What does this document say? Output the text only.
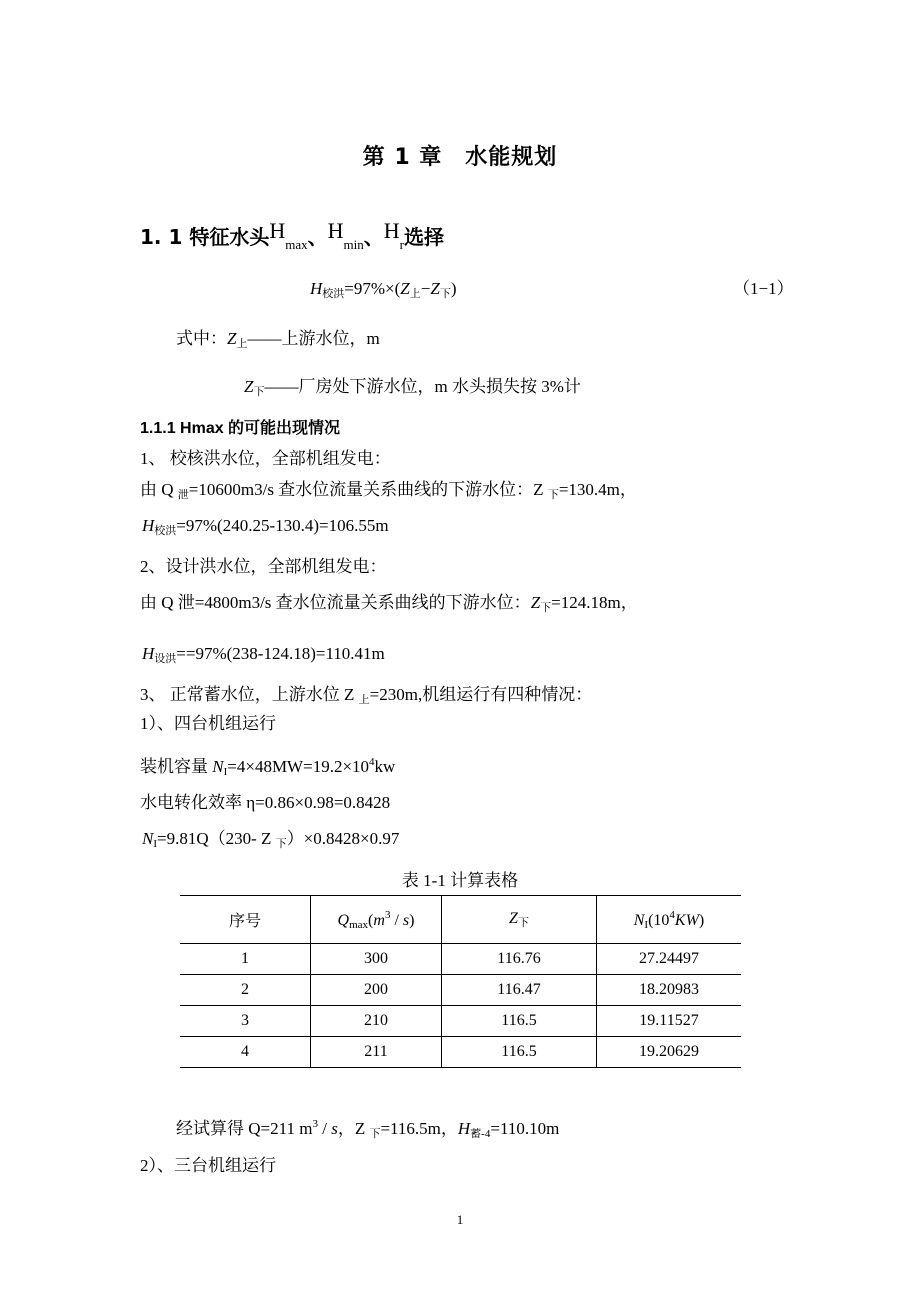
第 1 章　水能规划
1. 1 特征水头$H_{max}$、$H_{min}$、$H_r$选择
$H_{校洪}=97\%\times(Z_上-Z_下)$	（1−1）
式中：$Z_上——$上游水位，m
$Z_下——$厂房处下游水位，m 水头损失按 3%计
1.1.1 Hmax 的可能出现情况
1、 校核洪水位，全部机组发电：
由 Q $_泄$=10600m3/s 查水位流量关系曲线的下游水位：Z $_下$=130.4m，
$H_{校洪}=97\%(240.25-130.4)=106.55m$
2、设计洪水位，全部机组发电：
由 Q 泄=4800m3/s 查水位流量关系曲线的下游水位：$Z_下=124.18m$，
$H_{设洪}==97\%(238-124.18)=110.41m$
3、 正常蓄水位，上游水位 Z $_上$=230m,机组运行有四种情况：
1）、四台机组运行
装机容量 $N_I=4\times 48MW=19.2\times 10^4kw$
水电转化效率 η=0.86×0.98=0.8428
$N_I=9.81Q(230-$ Z $_下$）×0.8428×0.97
表 1-1 计算表格
序号	$Q_{max}(m^3 / s)$	$Z_下$	$N_I(10^4KW)$
1	300	116.76	27.24497
2	200	116.47	18.20983
3	210	116.5	19.11527
4	211	116.5	19.20629
经试算得 Q=211 $m^3$ / s，Z $_下$=116.5m，$H_{蓄-4}=110.10m$
2）、三台机组运行
1
